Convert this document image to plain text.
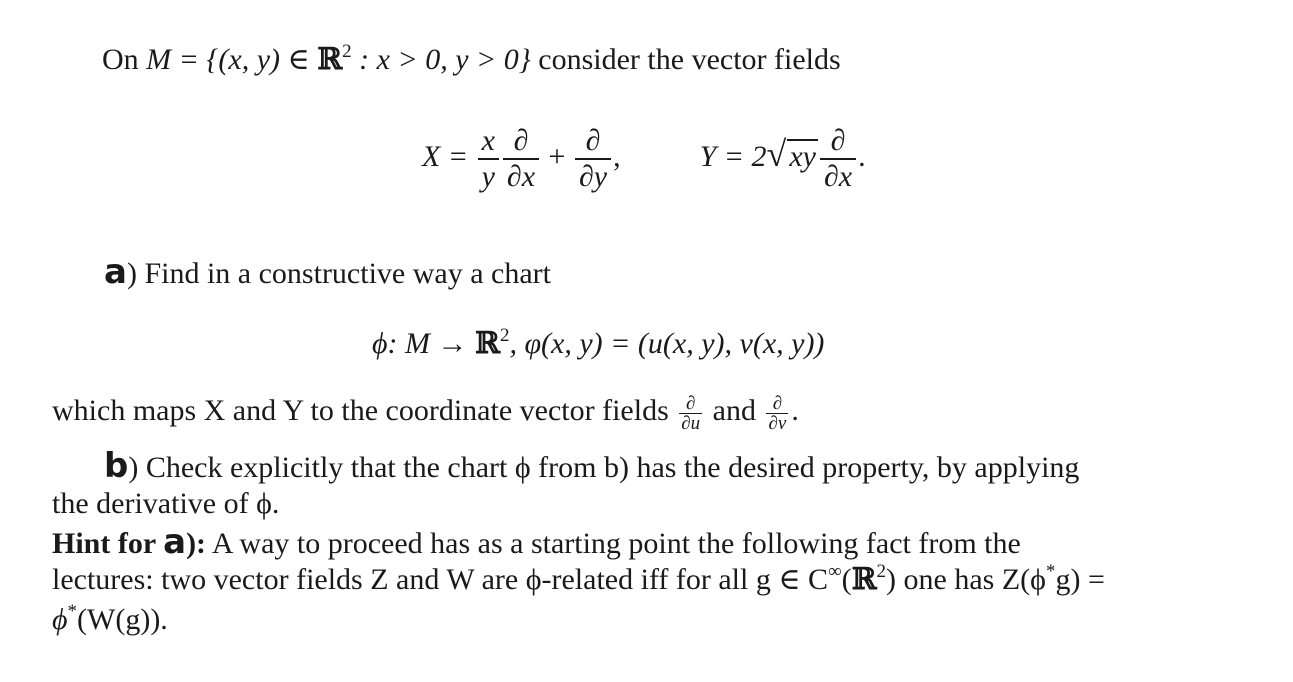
On M = {(x, y) ∈ ℝ$^2$ : x > 0, y > 0} consider the vector fields
$X = \frac{x}{y} \frac{\partial}{\partial x} + \frac{\partial}{\partial y}$ ,	Y = 2√ xy $\frac{\partial}{\partial x}$ .
a) Find in a constructive way a chart
ϕ: M → ℝ$^2$, φ(x, y) = (u(x, y), v(x, y))
which maps X and Y to the coordinate vector fields $\frac{\partial}{\partial u}$ and $\frac{\partial}{\partial v}$ .
b) Check explicitly that the chart ϕ from b) has the desired property, by applying
the derivative of ϕ.
Hint for a): A way to proceed has as a starting point the following fact from the
lectures: two vector fields Z and W are ϕ-related iff for all g ∈ C∞(ℝ$^2$) one has Z(ϕ*g) =
ϕ*(W(g)).
